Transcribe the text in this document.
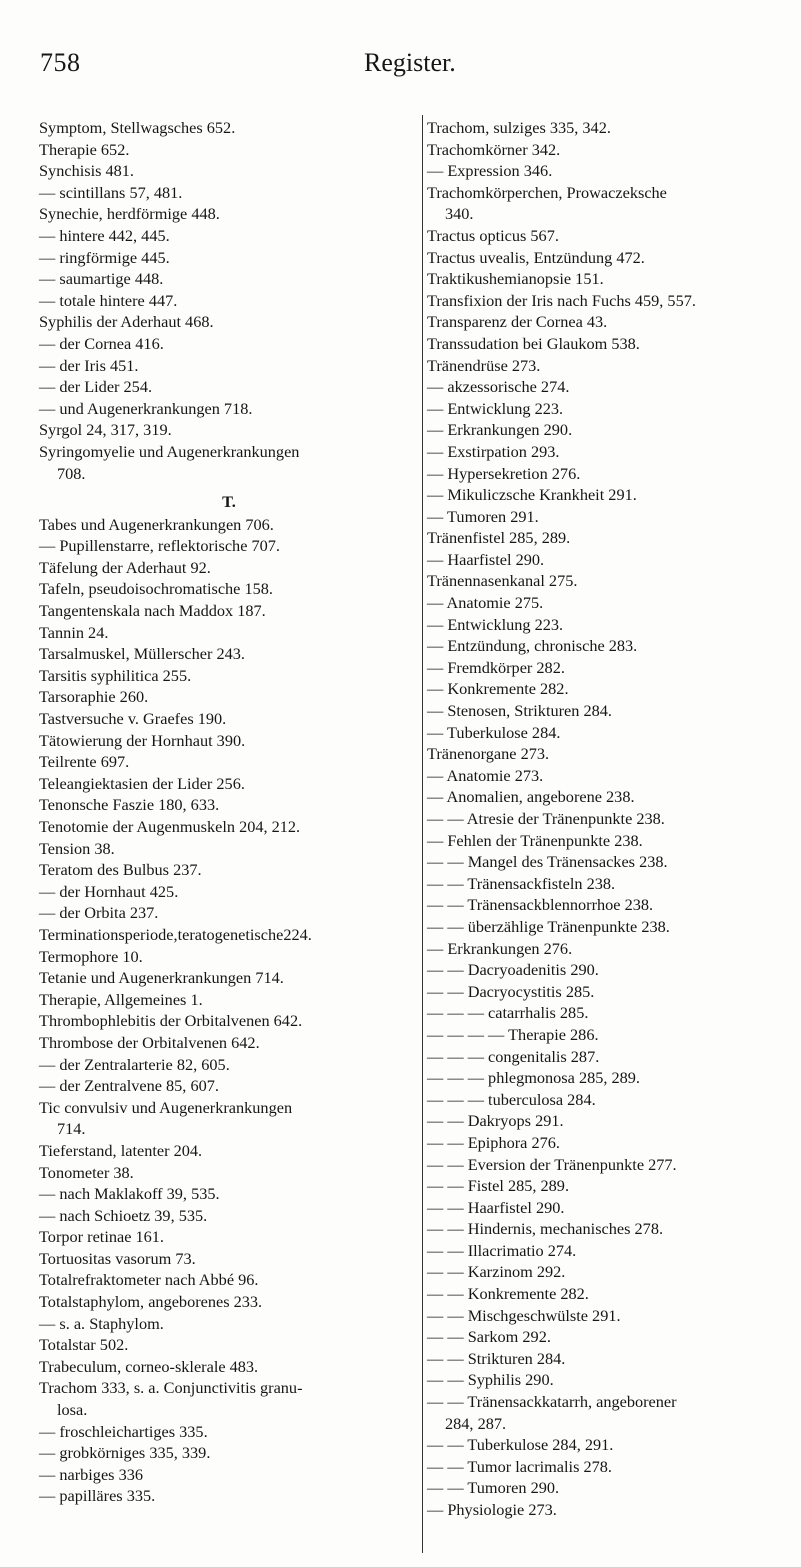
758	Register.
Symptom, Stellwagsches 652.
Therapie 652.
Synchisis 481.
— scintillans 57, 481.
Synechie, herdförmige 448.
— hintere 442, 445.
— ringförmige 445.
— saumartige 448.
— totale hintere 447.
Syphilis der Aderhaut 468.
— der Cornea 416.
— der Iris 451.
— der Lider 254.
— und Augenerkrankungen 718.
Syrgol 24, 317, 319.
Syringomyelie und Augenerkrankungen
708.
T.
Tabes und Augenerkrankungen 706.
— Pupillenstarre, reflektorische 707.
Täfelung der Aderhaut 92.
Tafeln, pseudoisochromatische 158.
Tangentenskala nach Maddox 187.
Tannin 24.
Tarsalmuskel, Müllerscher 243.
Tarsitis syphilitica 255.
Tarsoraphie 260.
Tastversuche v. Graefes 190.
Tätowierung der Hornhaut 390.
Teilrente 697.
Teleangiektasien der Lider 256.
Tenonsche Faszie 180, 633.
Tenotomie der Augenmuskeln 204, 212.
Tension 38.
Teratom des Bulbus 237.
— der Hornhaut 425.
— der Orbita 237.
Terminationsperiode,teratogenetische224.
Termophore 10.
Tetanie und Augenerkrankungen 714.
Therapie, Allgemeines 1.
Thrombophlebitis der Orbitalvenen 642.
Thrombose der Orbitalvenen 642.
— der Zentralarterie 82, 605.
— der Zentralvene 85, 607.
Tic convulsiv und Augenerkrankungen
714.
Tieferstand, latenter 204.
Tonometer 38.
— nach Maklakoff 39, 535.
— nach Schioetz 39, 535.
Torpor retinae 161.
Tortuositas vasorum 73.
Totalrefraktometer nach Abbé 96.
Totalstaphylom, angeborenes 233.
— s. a. Staphylom.
Totalstar 502.
Trabeculum, corneo-sklerale 483.
Trachom 333, s. a. Conjunctivitis granu-
losa.
— froschleichartiges 335.
— grobkörniges 335, 339.
— narbiges 336
— papilläres 335.
Trachom, sulziges 335, 342.
Trachomkörner 342.
— Expression 346.
Trachomkörperchen, Prowaczeksche
340.
Tractus opticus 567.
Tractus uvealis, Entzündung 472.
Traktikushemianopsie 151.
Transfixion der Iris nach Fuchs 459, 557.
Transparenz der Cornea 43.
Transsudation bei Glaukom 538.
Tränendrüse 273.
— akzessorische 274.
— Entwicklung 223.
— Erkrankungen 290.
— Exstirpation 293.
— Hypersekretion 276.
— Mikuliczsche Krankheit 291.
— Tumoren 291.
Tränenfistel 285, 289.
— Haarfistel 290.
Tränennasenkanal 275.
— Anatomie 275.
— Entwicklung 223.
— Entzündung, chronische 283.
— Fremdkörper 282.
— Konkremente 282.
— Stenosen, Strikturen 284.
— Tuberkulose 284.
Tränenorgane 273.
— Anatomie 273.
— Anomalien, angeborene 238.
— — Atresie der Tränenpunkte 238.
— Fehlen der Tränenpunkte 238.
— — Mangel des Tränensackes 238.
— — Tränensackfisteln 238.
— — Tränensackblennorrhoe 238.
— — überzählige Tränenpunkte 238.
— Erkrankungen 276.
— — Dacryoadenitis 290.
— — Dacryocystitis 285.
— — — catarrhalis 285.
— — — — Therapie 286.
— — — congenitalis 287.
— — — phlegmonosa 285, 289.
— — — tuberculosa 284.
— — Dakryops 291.
— — Epiphora 276.
— — Eversion der Tränenpunkte 277.
— — Fistel 285, 289.
— — Haarfistel 290.
— — Hindernis, mechanisches 278.
— — Illacrimatio 274.
— — Karzinom 292.
— — Konkremente 282.
— — Mischgeschwülste 291.
— — Sarkom 292.
— — Strikturen 284.
— — Syphilis 290.
— — Tränensackkatarrh, angeborener
284, 287.
— — Tuberkulose 284, 291.
— — Tumor lacrimalis 278.
— — Tumoren 290.
— Physiologie 273.
